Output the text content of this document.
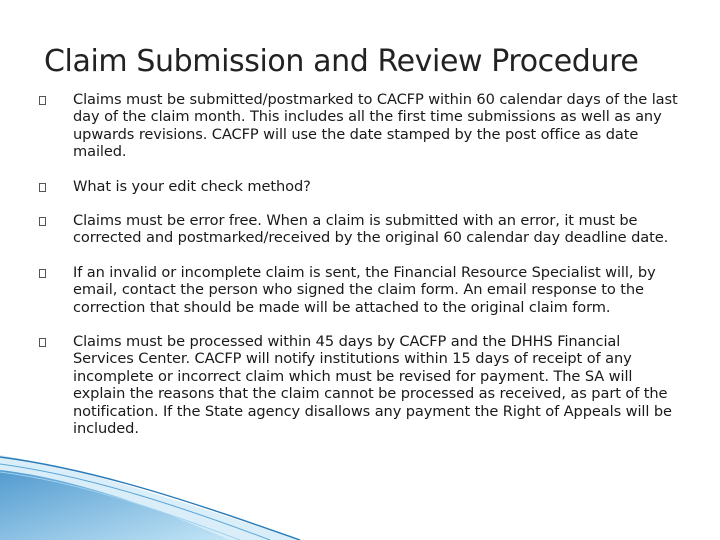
Claim Submission and Review Procedure
Claims must be submitted/postmarked to CACFP within 60 calendar days of the last day of the claim month. This includes all the first time submissions as well as any upwards revisions. CACFP will use the date stamped by the post office as date mailed.
What is your edit check method?
Claims must be error free. When a claim is submitted with an error, it must be corrected and postmarked/received by the original 60 calendar day deadline date.
If an invalid or incomplete claim is sent, the Financial Resource Specialist will, by email, contact the person who signed the claim form. An email response to the correction that should be made will be attached to the original claim form.
Claims must be processed within 45 days by CACFP and the DHHS Financial Services Center. CACFP will notify institutions within 15 days of receipt of any incomplete or incorrect claim which must be revised for payment. The SA will explain the reasons that the claim cannot be processed as received, as part of the notification. If the State agency disallows any payment the Right of Appeals will be included.
